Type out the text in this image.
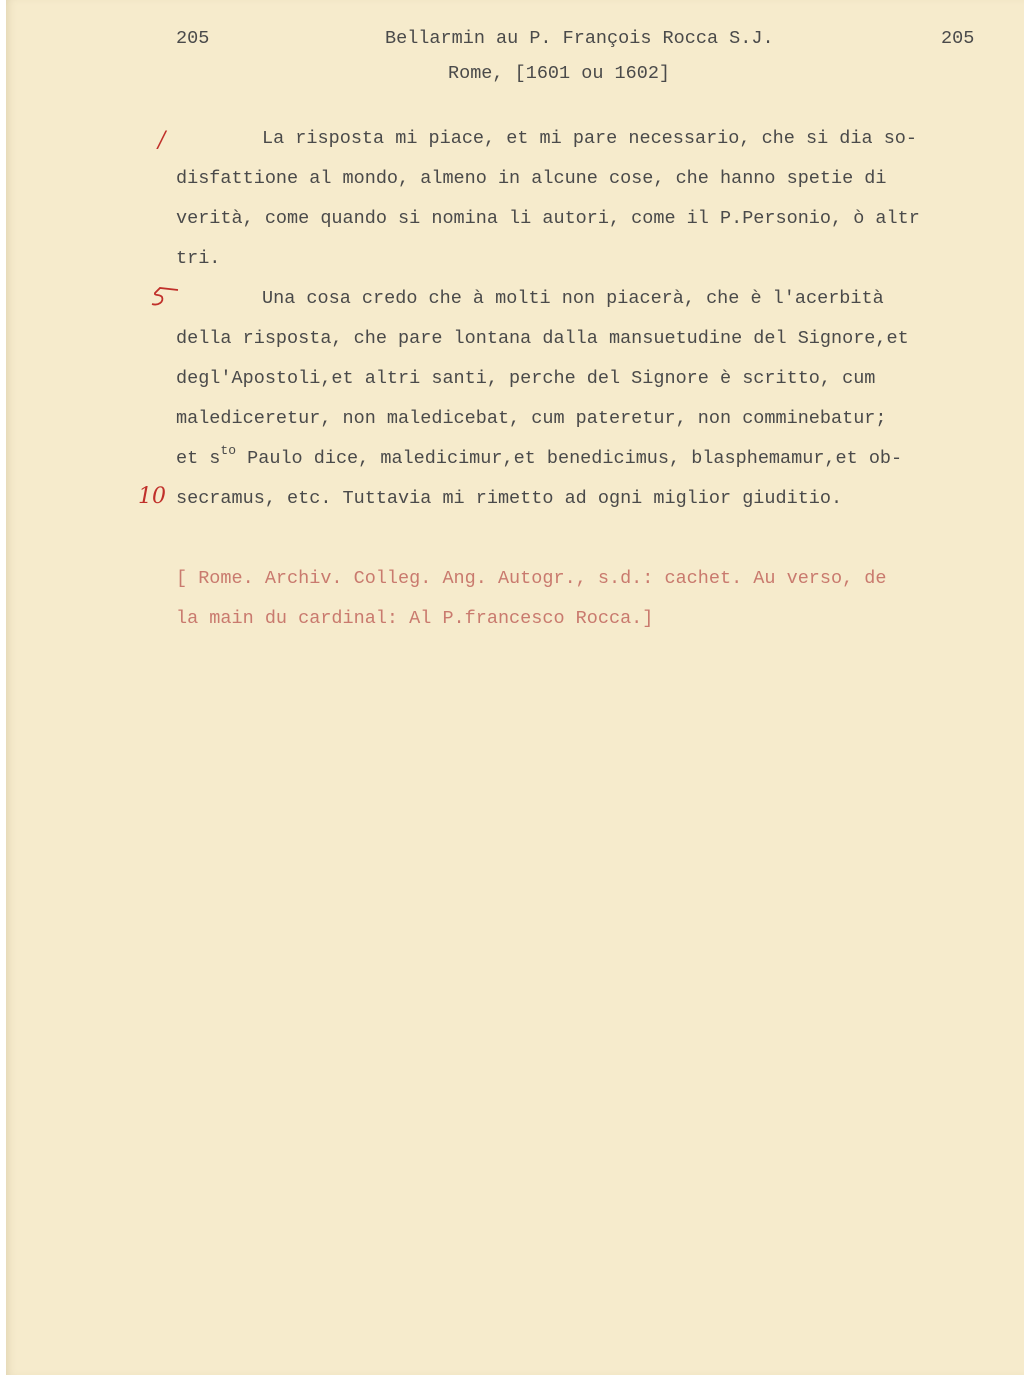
205	Bellarmin au P. François Rocca S.J.	205
Rome, [1601 ou 1602]
/
10
La risposta mi piace, et mi pare necessario, che si dia so-
disfattione al mondo, almeno in alcune cose, che hanno spetie di
verità, come quando si nomina li autori, come il P.Personio, ò altr
tri.
Una cosa credo che à molti non piacerà, che è l'acerbità
della risposta, che pare lontana dalla mansuetudine del Signore,et
degl'Apostoli,et altri santi, perche del Signore è scritto, cum
malediceretur, non maledicebat, cum pateretur, non comminebatur;
et $s^{to}$ Paulo dice, maledicimur,et benedicimus, blasphemamur,et ob-
secramus, etc. Tuttavia mi rimetto ad ogni miglior giuditio.
[ Rome. Archiv. Colleg. Ang. Autogr., s.d.: cachet. Au verso, de
la main du cardinal: Al P.francesco Rocca.]
